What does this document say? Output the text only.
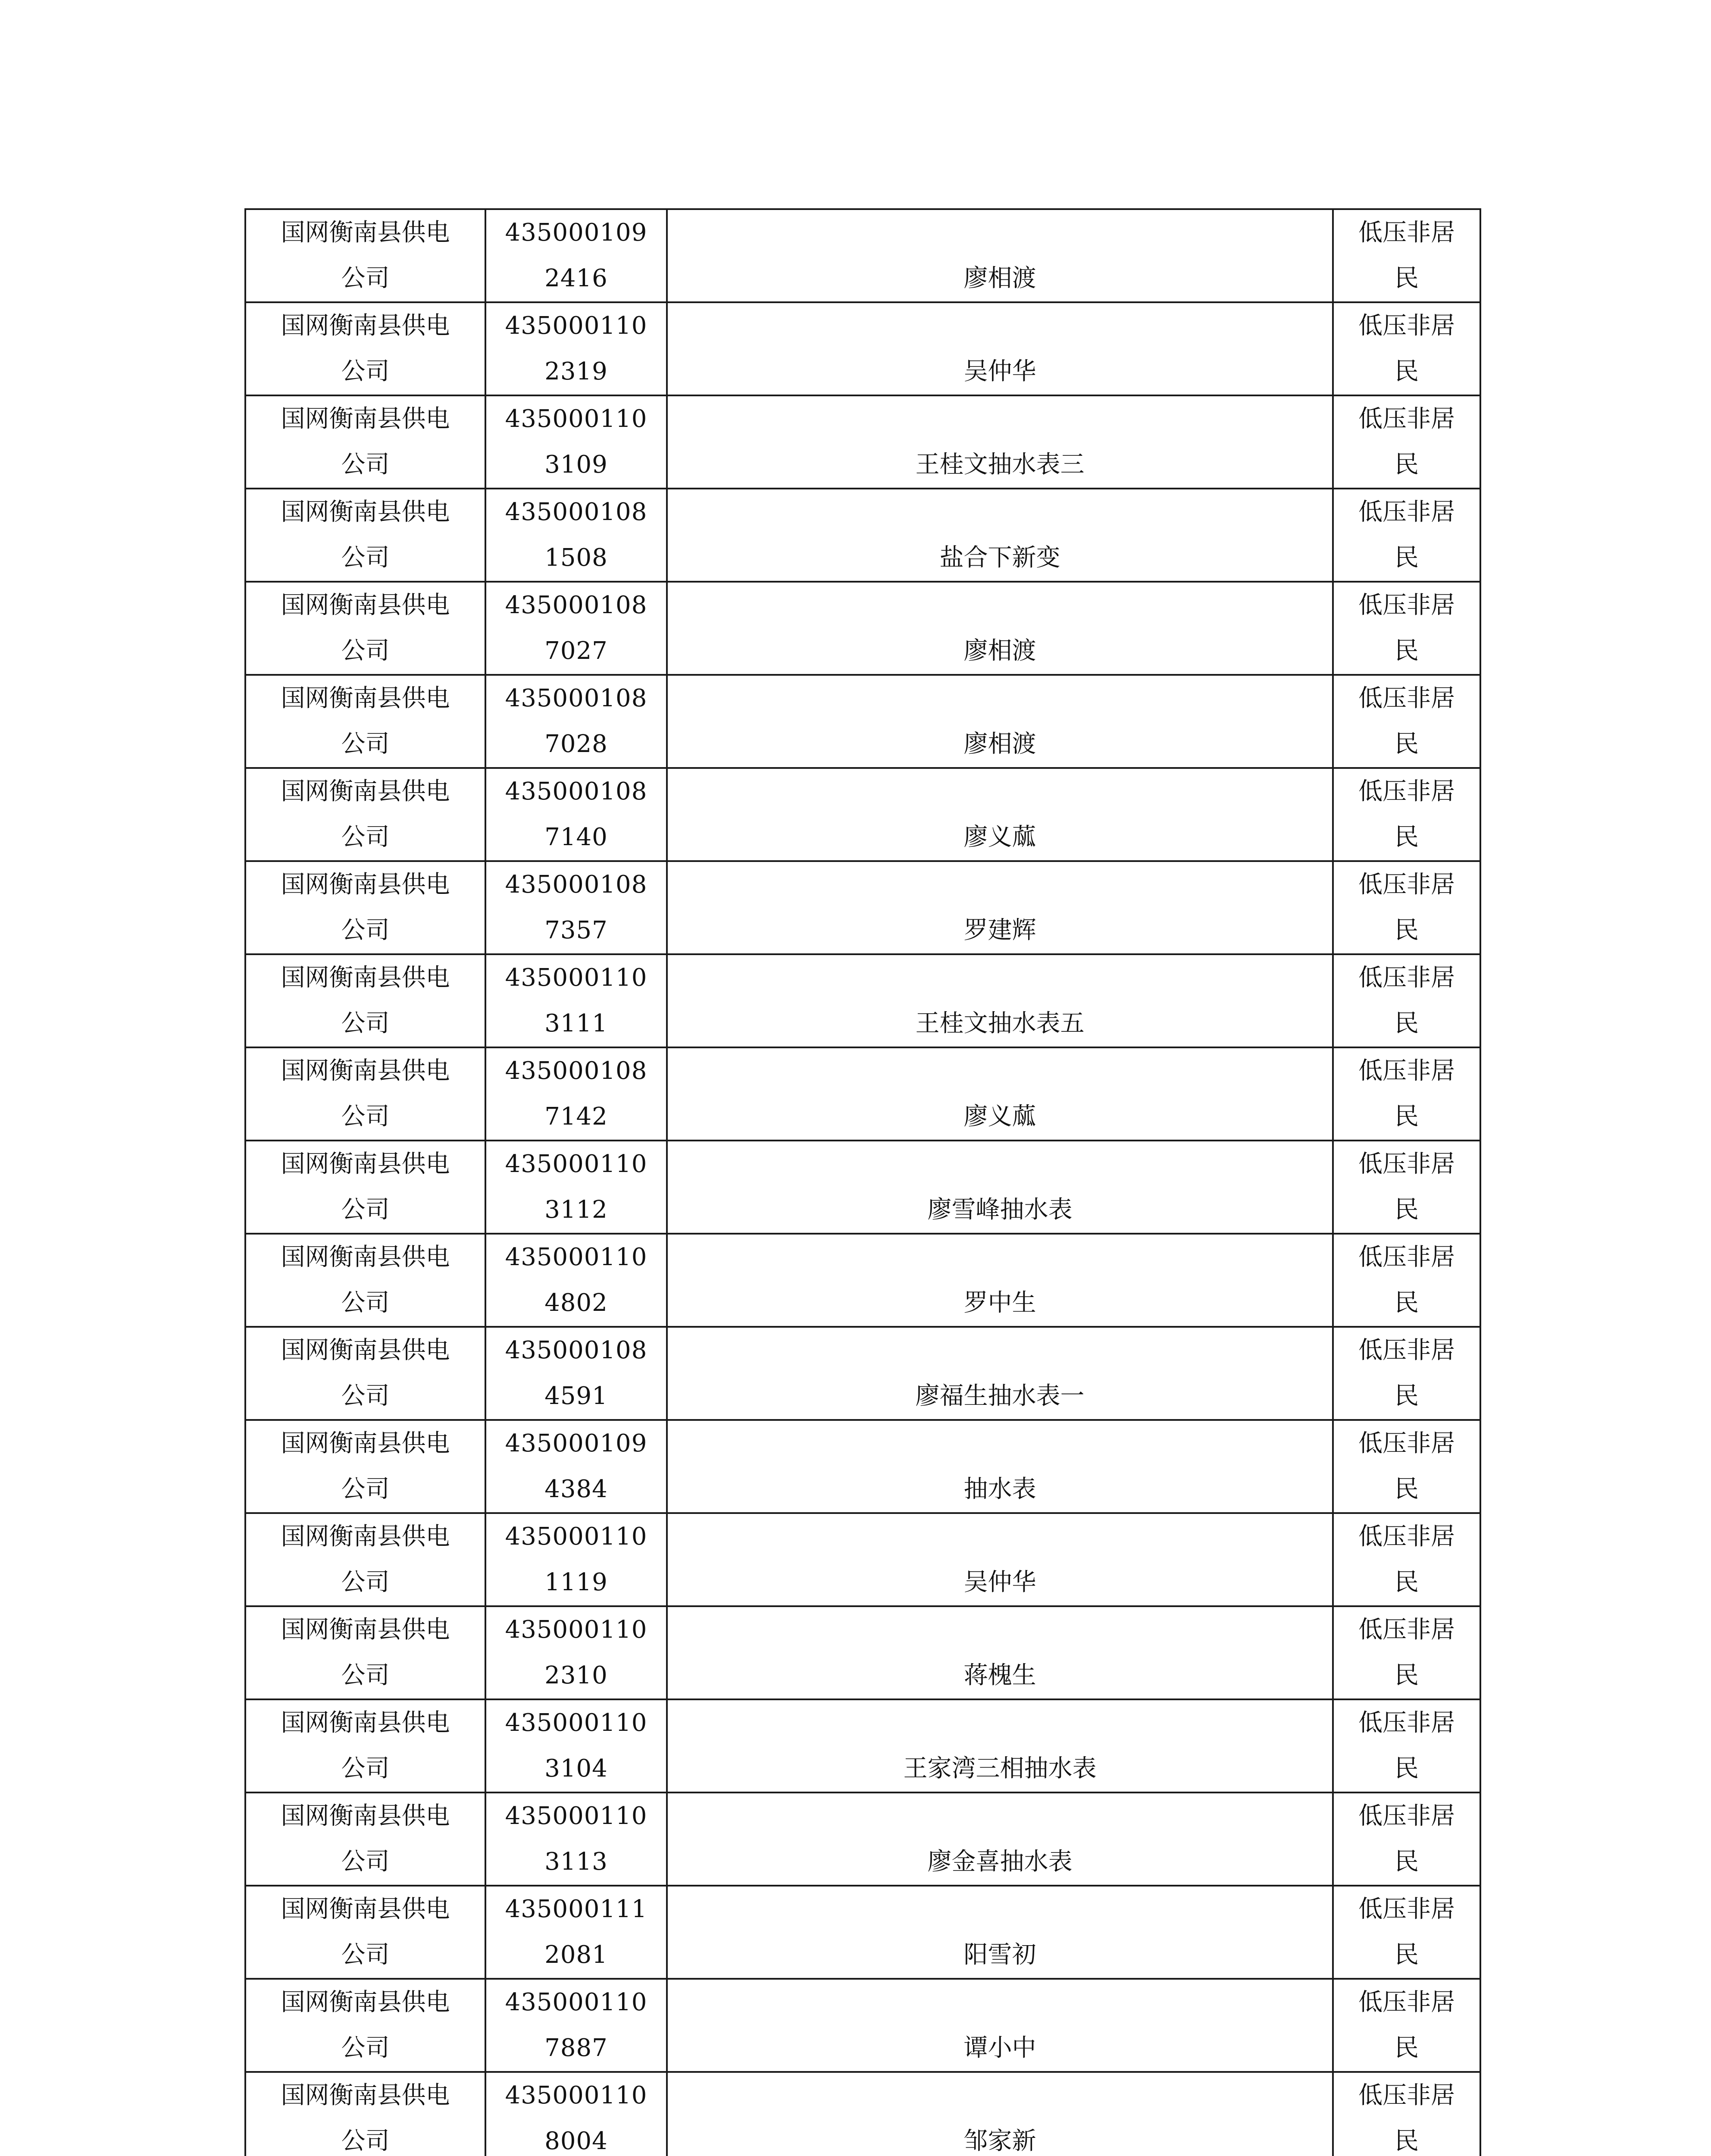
国网衡南县供电公司	4350001092416	廖相渡	低压非居民

国网衡南县供电公司	4350001102319	吴仲华	低压非居民

国网衡南县供电公司	4350001103109	王桂文抽水表三	低压非居民

国网衡南县供电公司	4350001081508	盐合下新变	低压非居民

国网衡南县供电公司	4350001087027	廖相渡	低压非居民

国网衡南县供电公司	4350001087028	廖相渡	低压非居民

国网衡南县供电公司	4350001087140	廖义蓏	低压非居民

国网衡南县供电公司	4350001087357	罗建辉	低压非居民

国网衡南县供电公司	4350001103111	王桂文抽水表五	低压非居民

国网衡南县供电公司	4350001087142	廖义蓏	低压非居民

国网衡南县供电公司	4350001103112	廖雪峰抽水表	低压非居民

国网衡南县供电公司	4350001104802	罗中生	低压非居民

国网衡南县供电公司	4350001084591	廖福生抽水表一	低压非居民

国网衡南县供电公司	4350001094384	抽水表	低压非居民

国网衡南县供电公司	4350001101119	吴仲华	低压非居民

国网衡南县供电公司	4350001102310	蒋槐生	低压非居民

国网衡南县供电公司	4350001103104	王家湾三相抽水表	低压非居民

国网衡南县供电公司	4350001103113	廖金喜抽水表	低压非居民

国网衡南县供电公司	4350001112081	阳雪初	低压非居民

国网衡南县供电公司	4350001107887	谭小中	低压非居民

国网衡南县供电公司	4350001108004	邹家新	低压非居民
